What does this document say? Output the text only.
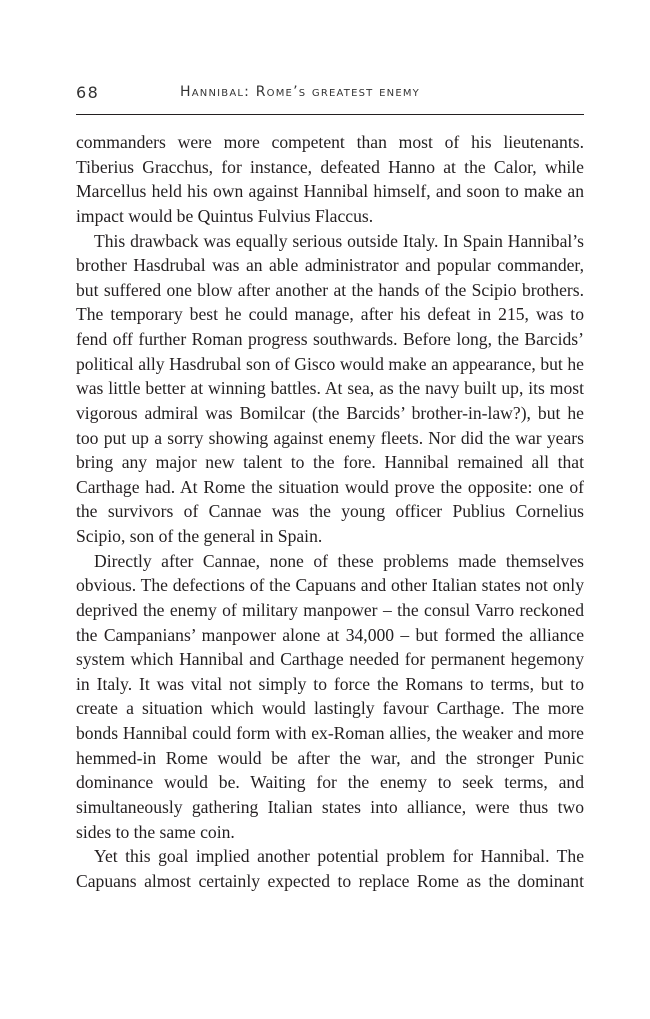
68	Hannibal: Rome’s greatest enemy

commanders were more competent than most of his lieutenants. Tiberius Gracchus, for instance, defeated Hanno at the Calor, while Marcellus held his own against Hannibal himself, and soon to make an impact would be Quintus Fulvius Flaccus.

This drawback was equally serious outside Italy. In Spain Hannibal’s brother Hasdrubal was an able administrator and popular commander, but suffered one blow after another at the hands of the Scipio brothers. The temporary best he could manage, after his defeat in 215, was to fend off further Roman progress southwards. Before long, the Barcids’ political ally Hasdrubal son of Gisco would make an appearance, but he was little better at winning battles. At sea, as the navy built up, its most vigorous admiral was Bomilcar (the Barcids’ brother-in-law?), but he too put up a sorry showing against enemy fleets. Nor did the war years bring any major new talent to the fore. Hannibal remained all that Carthage had. At Rome the situation would prove the opposite: one of the survivors of Cannae was the young officer Publius Cornelius Scipio, son of the general in Spain.

Directly after Cannae, none of these problems made themselves obvious. The defections of the Capuans and other Italian states not only deprived the enemy of military manpower – the consul Varro reckoned the Campanians’ manpower alone at 34,000 – but formed the alliance system which Hannibal and Carthage needed for permanent hegemony in Italy. It was vital not simply to force the Romans to terms, but to create a situation which would lastingly favour Carthage. The more bonds Hannibal could form with ex-Roman allies, the weaker and more hemmed-in Rome would be after the war, and the stronger Punic dominance would be. Waiting for the enemy to seek terms, and simultaneously gathering Italian states into alliance, were thus two sides to the same coin.

Yet this goal implied another potential problem for Hannibal. The Capuans almost certainly expected to replace Rome as the dominant
